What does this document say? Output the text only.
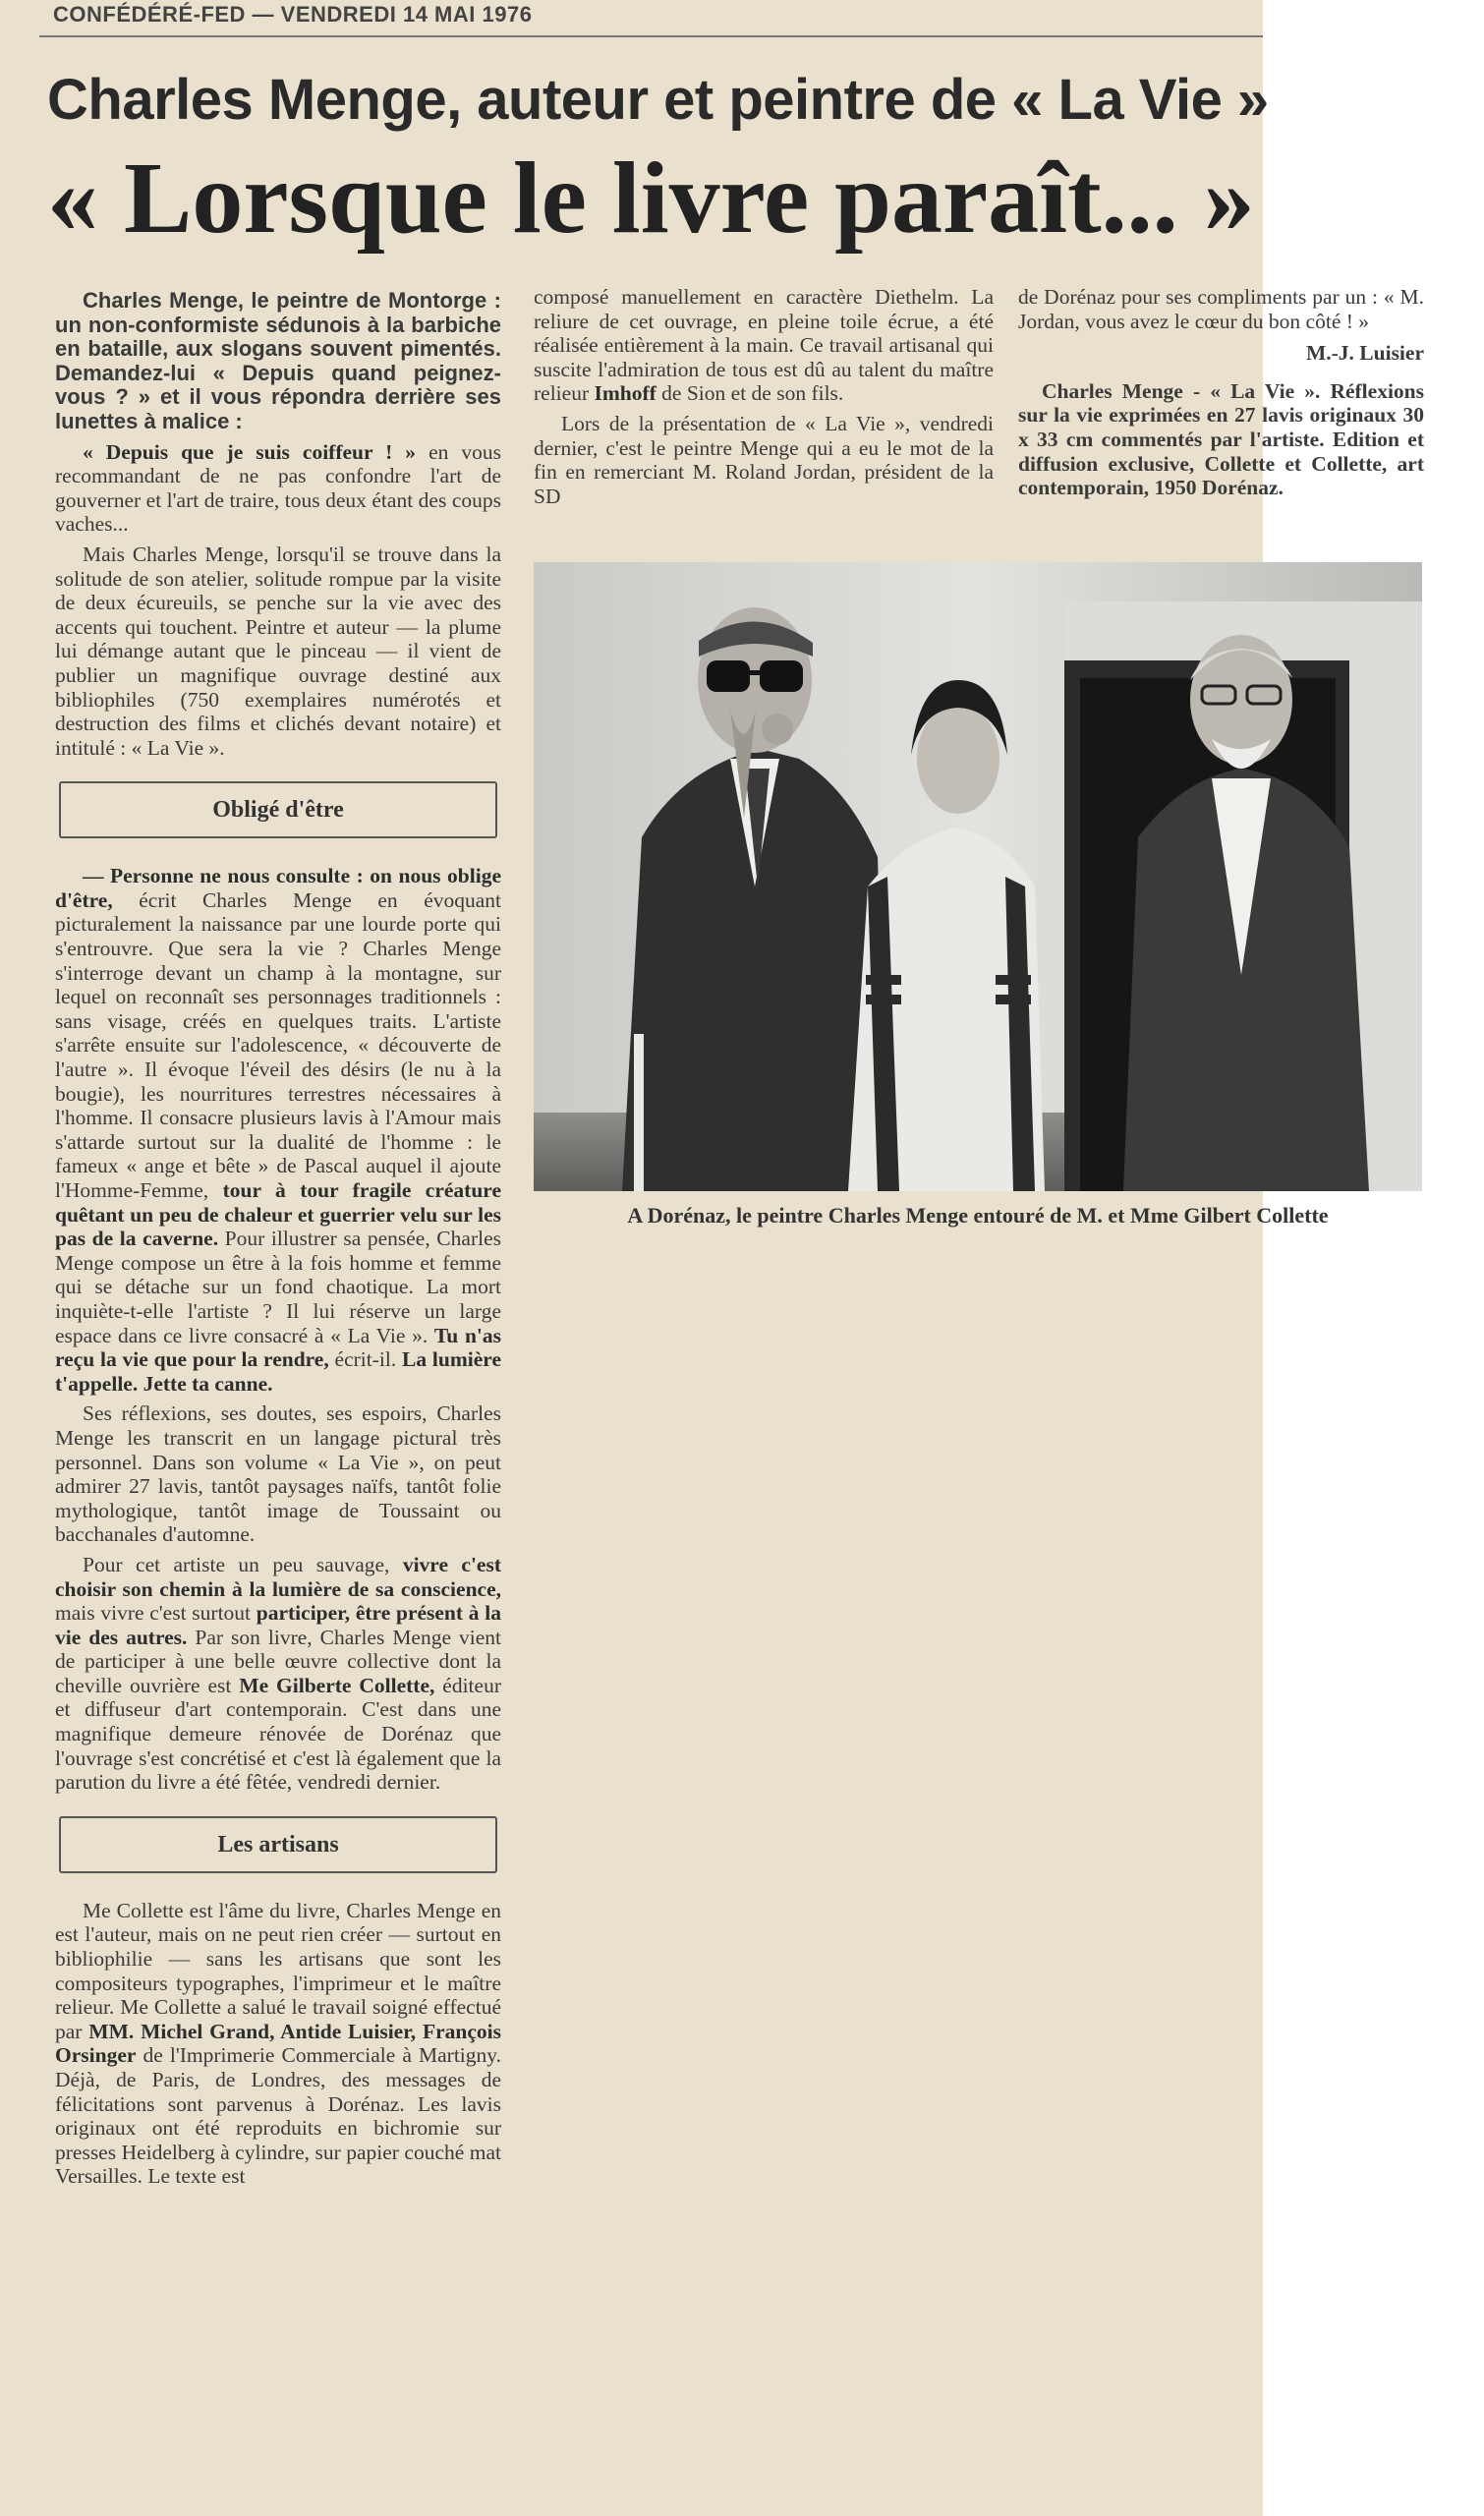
CONFÉDÉRÉ-FED — VENDREDI 14 MAI 1976
Charles Menge, auteur et peintre de « La Vie »
« Lorsque le livre paraît... »

Charles Menge, le peintre de Montorge : un non-conformiste sédunois à la barbiche en bataille, aux slogans souvent pimentés. Demandez-lui « Depuis quand peignez-vous ? » et il vous répondra derrière ses lunettes à malice :

« Depuis que je suis coiffeur ! » en vous recommandant de ne pas confondre l'art de gouverner et l'art de traire, tous deux étant des coups vaches...

Mais Charles Menge, lorsqu'il se trouve dans la solitude de son atelier, solitude rompue par la visite de deux écureuils, se penche sur la vie avec des accents qui touchent. Peintre et auteur — la plume lui démange autant que le pinceau — il vient de publier un magnifique ouvrage destiné aux bibliophiles (750 exemplaires numérotés et destruction des films et clichés devant notaire) et intitulé : « La Vie ».

Obligé d'être

— Personne ne nous consulte : on nous oblige d'être, écrit Charles Menge en évoquant picturalement la naissance par une lourde porte qui s'entrouvre. Que sera la vie ? Charles Menge s'interroge devant un champ à la montagne, sur lequel on reconnaît ses personnages traditionnels : sans visage, créés en quelques traits. L'artiste s'arrête ensuite sur l'adolescence, « découverte de l'autre ». Il évoque l'éveil des désirs (le nu à la bougie), les nourritures terrestres nécessaires à l'homme. Il consacre plusieurs lavis à l'Amour mais s'attarde surtout sur la dualité de l'homme : le fameux « ange et bête » de Pascal auquel il ajoute l'Homme-Femme, tour à tour fragile créature quêtant un peu de chaleur et guerrier velu sur les pas de la caverne. Pour illustrer sa pensée, Charles Menge compose un être à la fois homme et femme qui se détache sur un fond chaotique. La mort inquiète-t-elle l'artiste ? Il lui réserve un large espace dans ce livre consacré à « La Vie ». Tu n'as reçu la vie que pour la rendre, écrit-il. La lumière t'appelle. Jette ta canne.

Ses réflexions, ses doutes, ses espoirs, Charles Menge les transcrit en un langage pictural très personnel. Dans son volume « La Vie », on peut admirer 27 lavis, tantôt paysages naïfs, tantôt folie mythologique, tantôt image de Toussaint ou bacchanales d'automne.

Pour cet artiste un peu sauvage, vivre c'est choisir son chemin à la lumière de sa conscience, mais vivre c'est surtout participer, être présent à la vie des autres. Par son livre, Charles Menge vient de participer à une belle œuvre collective dont la cheville ouvrière est Me Gilberte Collette, éditeur et diffuseur d'art contemporain. C'est dans une magnifique demeure rénovée de Dorénaz que l'ouvrage s'est concrétisé et c'est là également que la parution du livre a été fêtée, vendredi dernier.

Les artisans

Me Collette est l'âme du livre, Charles Menge en est l'auteur, mais on ne peut rien créer — surtout en bibliophilie — sans les artisans que sont les compositeurs typographes, l'imprimeur et le maître relieur. Me Collette a salué le travail soigné effectué par MM. Michel Grand, Antide Luisier, François Orsinger de l'Imprimerie Commerciale à Martigny. Déjà, de Paris, de Londres, des messages de félicitations sont parvenus à Dorénaz. Les lavis originaux ont été reproduits en bichromie sur presses Heidelberg à cylindre, sur papier couché mat Versailles. Le texte est

composé manuellement en caractère Diethelm. La reliure de cet ouvrage, en pleine toile écrue, a été réalisée entièrement à la main. Ce travail artisanal qui suscite l'admiration de tous est dû au talent du maître relieur Imhoff de Sion et de son fils.

Lors de la présentation de « La Vie », vendredi dernier, c'est le peintre Menge qui a eu le mot de la fin en remerciant M. Roland Jordan, président de la SD

de Dorénaz pour ses compliments par un : « M. Jordan, vous avez le cœur du bon côté ! »

M.-J. Luisier

Charles Menge - « La Vie ». Réflexions sur la vie exprimées en 27 lavis originaux 30 x 33 cm commentés par l'artiste. Edition et diffusion exclusive, Collette et Collette, art contemporain, 1950 Dorénaz.

A Dorénaz, le peintre Charles Menge entouré de M. et Mme Gilbert Collette
